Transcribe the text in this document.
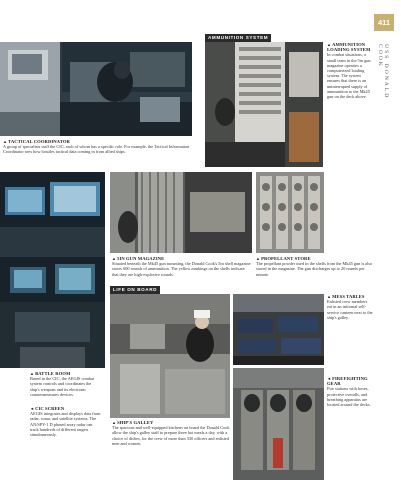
411
USS DONALD COOK
AMMUNITION SYSTEM
▲AMMUNITION LOADING SYSTEM
In combat situations, a small team in the 5in gun magazine operates a computerized loading system. The system ensures that there is an uninterrupted supply of ammunition to the Mk45 gun on the deck above.
▲TACTICAL COORDINATOR
A group of specialists staff the CIC, each of whom has a specific role. For example, the Tactical Information Coordinator sees how hostiles tactical data coming in from allied ships.
▲5IN GUN MAGAZINE
Situated beneath the Mk45 gun mounting, the Donald Cook's 5in shell magazine stores 600 rounds of ammunition. The yellow markings on the shells indicate that they are high-explosive rounds.
▲PROPELLANT STORE
The propellant powder used in the shells from the Mk45 gun is also stored in the magazine. The gun discharges up to 20 rounds per minute.
LIFE ON BOARD
▲MESS TABLES
Enlisted crew members eat in an informal self-service canteen next to the ship's galley.
◄FIREFIGHTING GEAR
Fire stations with hoses, protective overalls, and breathing apparatus are located around the decks.
▲BATTLE ROOM
Based in the CIC, the AEGIS combat system controls and coordinates the ship's weapons and its electronic countermeasures devices.
◄CIC SCREEN
AEGIS integrates and displays data from radar, sonar, and satellite systems. The AN/SPY-1 D phased array radar can track hundreds of different targets simultaneously.
▲SHIP'S GALLEY
The spacious and well-equipped kitchens on board the Donald Cook allow the ship's galley staff to prepare three hot meals a day, with a choice of dishes, for the crew of more than 330 officers and enlisted men and women.
